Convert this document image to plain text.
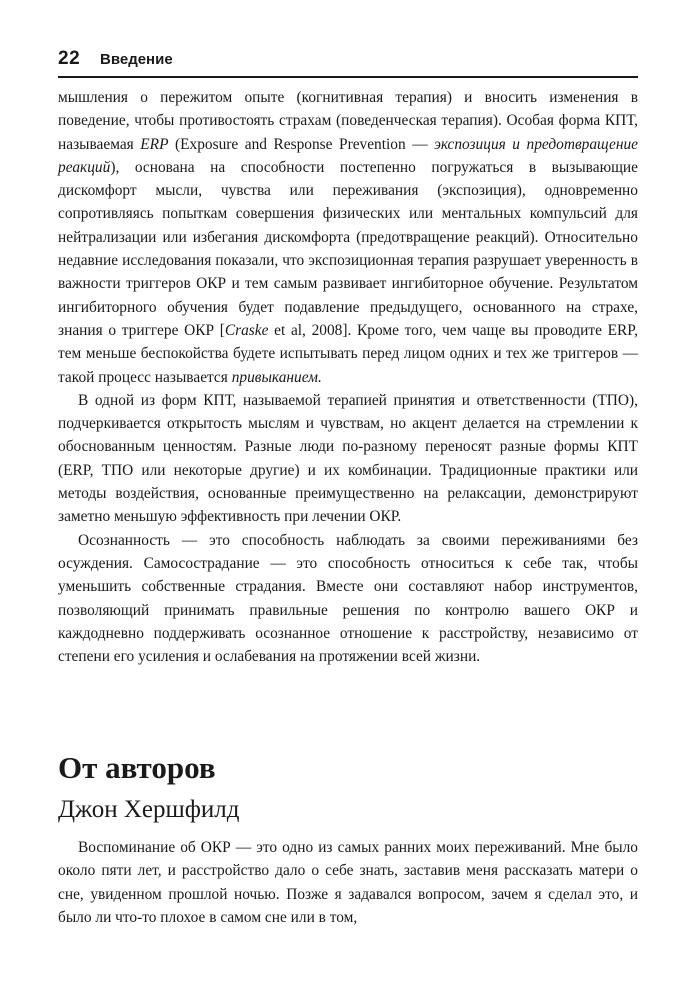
22 Введение

мышления о пережитом опыте (когнитивная терапия) и вносить изменения в поведение, чтобы противостоять страхам (поведенческая терапия). Особая форма КПТ, называемая ERP (Exposure and Response Prevention — экспозиция и предотвращение реакций), основана на способности постепенно погружаться в вызывающие дискомфорт мысли, чувства или переживания (экспозиция), одновременно сопротивляясь попыткам совершения физических или ментальных компульсий для нейтрализации или избегания дискомфорта (предотвращение реакций). Относительно недавние исследования показали, что экспозиционная терапия разрушает уверенность в важности триггеров ОКР и тем самым развивает ингибиторное обучение. Результатом ингибиторного обучения будет подавление предыдущего, основанного на страхе, знания о триггере ОКР [Craske et al, 2008]. Кроме того, чем чаще вы проводите ERP, тем меньше беспокойства будете испытывать перед лицом одних и тех же триггеров — такой процесс называется привыканием.

В одной из форм КПТ, называемой терапией принятия и ответственности (ТПО), подчеркивается открытость мыслям и чувствам, но акцент делается на стремлении к обоснованным ценностям. Разные люди по-разному переносят разные формы КПТ (ERP, ТПО или некоторые другие) и их комбинации. Традиционные практики или методы воздействия, основанные преимущественно на релаксации, демонстрируют заметно меньшую эффективность при лечении ОКР.

Осознанность — это способность наблюдать за своими переживаниями без осуждения. Самосострадание — это способность относиться к себе так, чтобы уменьшить собственные страдания. Вместе они составляют набор инструментов, позволяющий принимать правильные решения по контролю вашего ОКР и каждодневно поддерживать осознанное отношение к расстройству, независимо от степени его усиления и ослабевания на протяжении всей жизни.

От авторов
Джон Хершфилд

Воспоминание об ОКР — это одно из самых ранних моих переживаний. Мне было около пяти лет, и расстройство дало о себе знать, заставив меня рассказать матери о сне, увиденном прошлой ночью. Позже я задавался вопросом, зачем я сделал это, и было ли что-то плохое в самом сне или в том,
